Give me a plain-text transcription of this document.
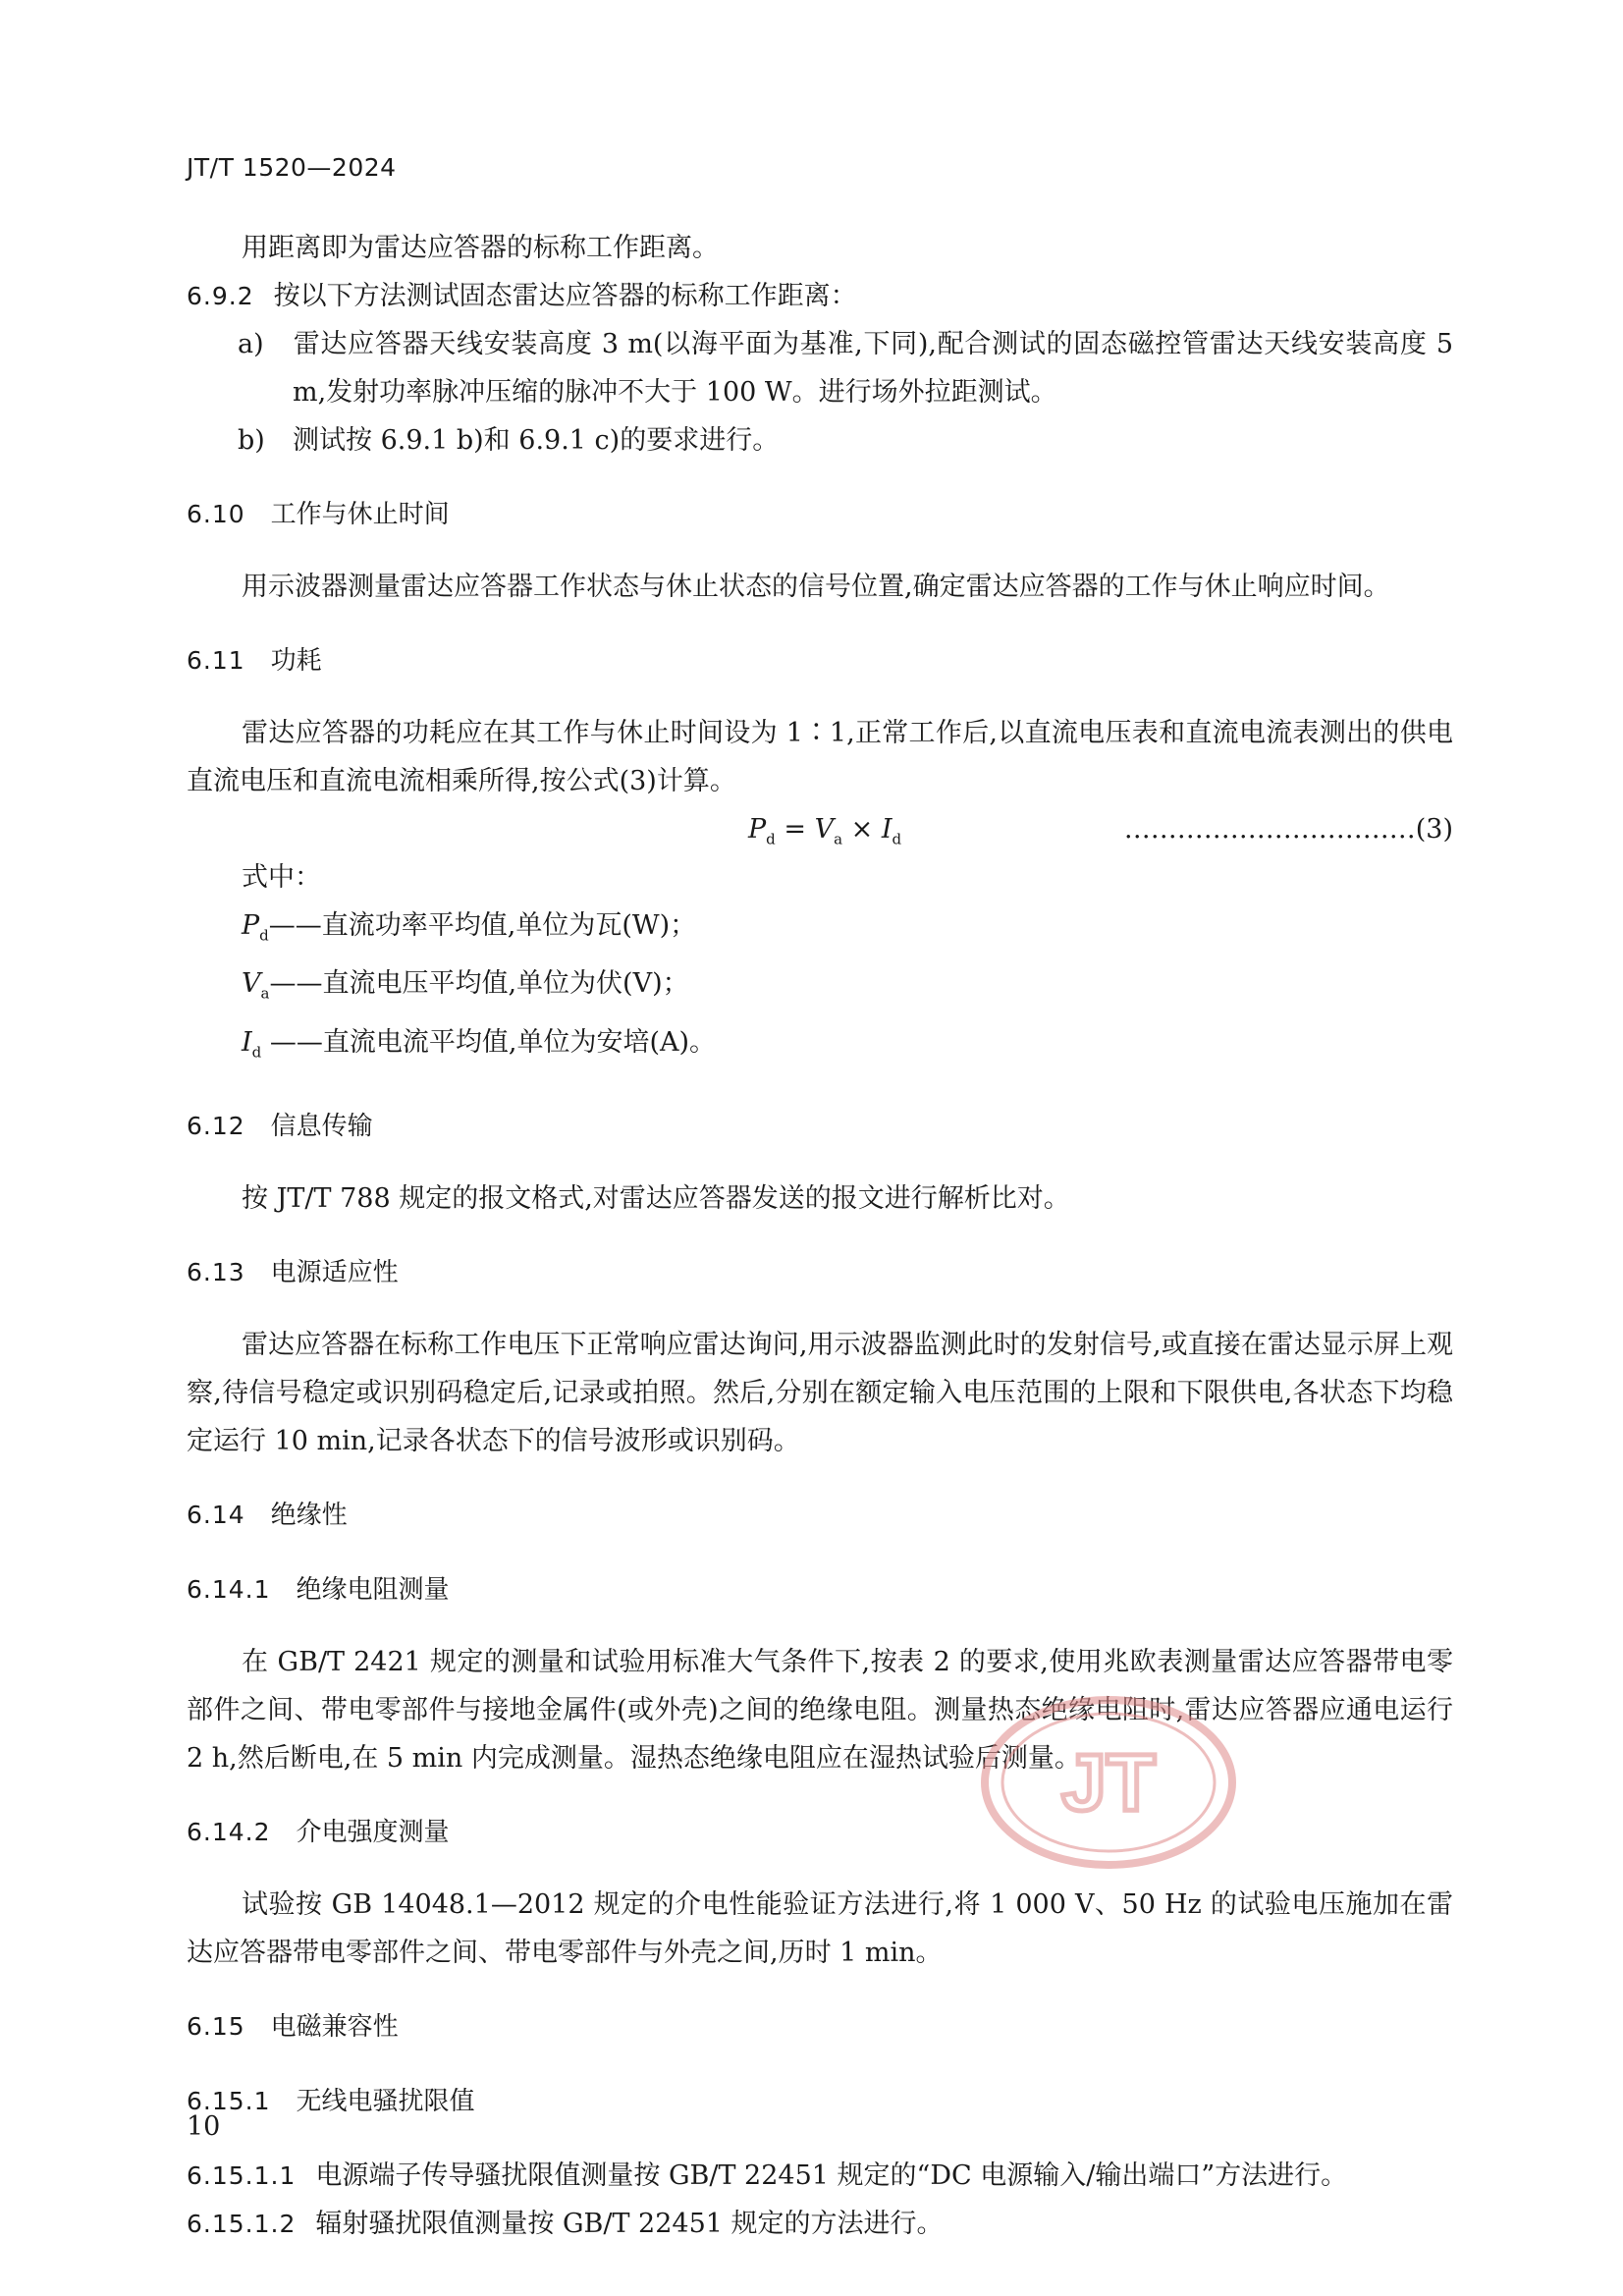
JT/T 1520—2024

用距离即为雷达应答器的标称工作距离。

6.9.2 按以下方法测试固态雷达应答器的标称工作距离：

a) 雷达应答器天线安装高度 3 m(以海平面为基准,下同),配合测试的固态磁控管雷达天线安装高度 5 m,发射功率脉冲压缩的脉冲不大于 100 W。进行场外拉距测试。

b) 测试按 6.9.1 b)和 6.9.1 c)的要求进行。

6.10 工作与休止时间

用示波器测量雷达应答器工作状态与休止状态的信号位置,确定雷达应答器的工作与休止响应时间。

6.11 功耗

雷达应答器的功耗应在其工作与休止时间设为 1∶1,正常工作后,以直流电压表和直流电流表测出的供电直流电压和直流电流相乘所得,按公式(3)计算。

$P_d = V_a \times I_d$	……………………………(3)

式中：

$P_d——$直流功率平均值,单位为瓦(W)；

$V_a——$直流电压平均值,单位为伏(V)；

$I_d$ ——直流电流平均值,单位为安培(A)。

6.12 信息传输

按 JT/T 788 规定的报文格式,对雷达应答器发送的报文进行解析比对。

6.13 电源适应性

雷达应答器在标称工作电压下正常响应雷达询问,用示波器监测此时的发射信号,或直接在雷达显示屏上观察,待信号稳定或识别码稳定后,记录或拍照。然后,分别在额定输入电压范围的上限和下限供电,各状态下均稳定运行 10 min,记录各状态下的信号波形或识别码。

6.14 绝缘性

6.14.1 绝缘电阻测量

在 GB/T 2421 规定的测量和试验用标准大气条件下,按表 2 的要求,使用兆欧表测量雷达应答器带电零部件之间、带电零部件与接地金属件(或外壳)之间的绝缘电阻。测量热态绝缘电阻时,雷达应答器应通电运行 2 h,然后断电,在 5 min 内完成测量。湿热态绝缘电阻应在湿热试验后测量。

6.14.2 介电强度测量

试验按 GB 14048.1—2012 规定的介电性能验证方法进行,将 1 000 V、50 Hz 的试验电压施加在雷达应答器带电零部件之间、带电零部件与外壳之间,历时 1 min。

6.15 电磁兼容性

6.15.1 无线电骚扰限值

6.15.1.1 电源端子传导骚扰限值测量按 GB/T 22451 规定的“DC 电源输入/输出端口”方法进行。

6.15.1.2 辐射骚扰限值测量按 GB/T 22451 规定的方法进行。

10
JT
